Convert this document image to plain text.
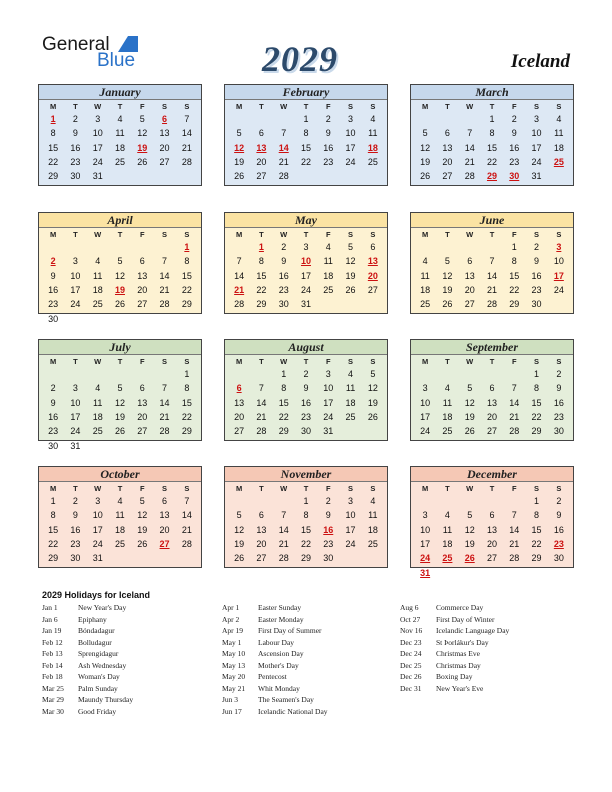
General
Blue	2029	Iceland
January
M	T	W	T	F	S	S
1	2	3	4	5	6	7
8	9	10	11	12	13	14
15	16	17	18	19	20	21
22	23	24	25	26	27	28
29	30	31				
February
M	T	W	T	F	S	S
			1	2	3	4
5	6	7	8	9	10	11
12	13	14	15	16	17	18
19	20	21	22	23	24	25
26	27	28				
March
M	T	W	T	F	S	S
			1	2	3	4
5	6	7	8	9	10	11
12	13	14	15	16	17	18
19	20	21	22	23	24	25
26	27	28	29	30	31	
April
M	T	W	T	F	S	S
						1
2	3	4	5	6	7	8
9	10	11	12	13	14	15
16	17	18	19	20	21	22
23	24	25	26	27	28	29
30						
May
M	T	W	T	F	S	S
	1	2	3	4	5	6
7	8	9	10	11	12	13
14	15	16	17	18	19	20
21	22	23	24	25	26	27
28	29	30	31			
June
M	T	W	T	F	S	S
				1	2	3
4	5	6	7	8	9	10
11	12	13	14	15	16	17
18	19	20	21	22	23	24
25	26	27	28	29	30	
July
M	T	W	T	F	S	S
						1
2	3	4	5	6	7	8
9	10	11	12	13	14	15
16	17	18	19	20	21	22
23	24	25	26	27	28	29
30	31					
August
M	T	W	T	F	S	S
		1	2	3	4	5
6	7	8	9	10	11	12
13	14	15	16	17	18	19
20	21	22	23	24	25	26
27	28	29	30	31		
September
M	T	W	T	F	S	S
					1	2
3	4	5	6	7	8	9
10	11	12	13	14	15	16
17	18	19	20	21	22	23
24	25	26	27	28	29	30
October
M	T	W	T	F	S	S
1	2	3	4	5	6	7
8	9	10	11	12	13	14
15	16	17	18	19	20	21
22	23	24	25	26	27	28
29	30	31				
November
M	T	W	T	F	S	S
			1	2	3	4
5	6	7	8	9	10	11
12	13	14	15	16	17	18
19	20	21	22	23	24	25
26	27	28	29	30		
December
M	T	W	T	F	S	S
					1	2
3	4	5	6	7	8	9
10	11	12	13	14	15	16
17	18	19	20	21	22	23
24	25	26	27	28	29	30
31						
2029 Holidays for Iceland
Jan 1	New Year's Day
Jan 6	Epiphany
Jan 19 Bóndadagur
Feb 12 Bolludagur
Feb 13 Sprengidagur
Feb 14 Ash Wednesday
Feb 18 Woman's Day
Mar 25 Palm Sunday
Mar 29 Maundy Thursday
Mar 30 Good Friday
Apr 1 Easter Sunday
Apr 2 Easter Monday
Apr 19 First Day of Summer
May 1 Labour Day
May 10 Ascension Day
May 13 Mother's Day
May 20 Pentecost
May 21 Whit Monday
Jun 3	The Seamen's Day
Jun 17 Icelandic National Day
Aug 6 Commerce Day
Oct 27 First Day of Winter
Nov 16 Icelandic Language Day
Dec 23 St Þorlákur's Day
Dec 24 Christmas Eve
Dec 25 Christmas Day
Dec 26 Boxing Day
Dec 31 New Year's Eve
